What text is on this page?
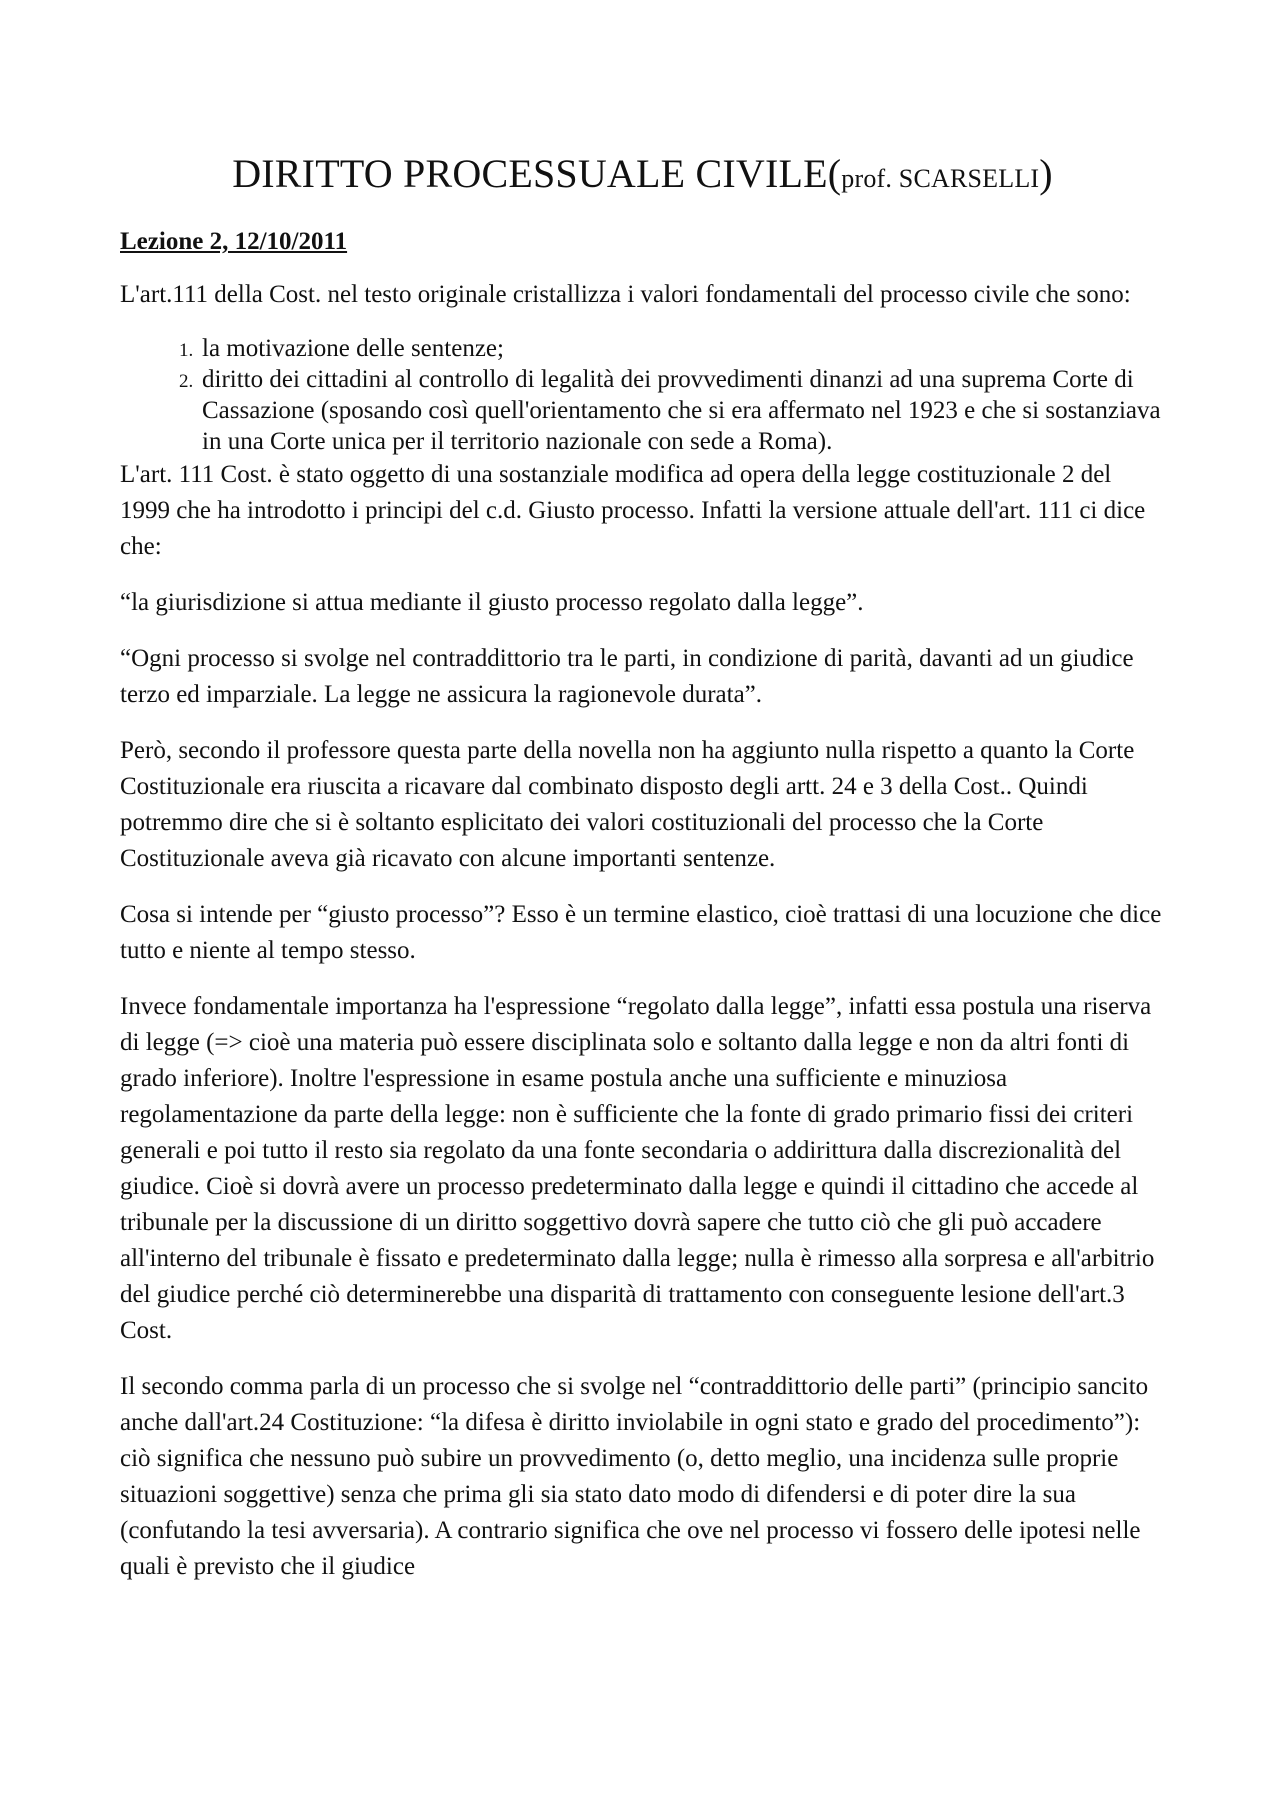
DIRITTO PROCESSUALE CIVILE(prof. SCARSELLI)
Lezione 2, 12/10/2011

L'art.111 della Cost. nel testo originale cristallizza i valori fondamentali del processo civile che sono:

1. la motivazione delle sentenze;
2. diritto dei cittadini al controllo di legalità dei provvedimenti dinanzi ad una suprema Corte di Cassazione (sposando così quell'orientamento che si era affermato nel 1923 e che si sostanziava in una Corte unica per il territorio nazionale con sede a Roma).

L'art. 111 Cost. è stato oggetto di una sostanziale modifica ad opera della legge costituzionale 2 del 1999 che ha introdotto i principi del c.d. Giusto processo. Infatti la versione attuale dell'art. 111 ci dice che:

“la giurisdizione si attua mediante il giusto processo regolato dalla legge”.

“Ogni processo si svolge nel contraddittorio tra le parti, in condizione di parità, davanti ad un giudice terzo ed imparziale. La legge ne assicura la ragionevole durata”.

Però, secondo il professore questa parte della novella non ha aggiunto nulla rispetto a quanto la Corte Costituzionale era riuscita a ricavare dal combinato disposto degli artt. 24 e 3 della Cost.. Quindi potremmo dire che si è soltanto esplicitato dei valori costituzionali del processo che la Corte Costituzionale aveva già ricavato con alcune importanti sentenze.

Cosa si intende per “giusto processo”? Esso è un termine elastico, cioè trattasi di una locuzione che dice tutto e niente al tempo stesso.

Invece fondamentale importanza ha l'espressione “regolato dalla legge”, infatti essa postula una riserva di legge (=> cioè una materia può essere disciplinata solo e soltanto dalla legge e non da altri fonti di grado inferiore). Inoltre l'espressione in esame postula anche una sufficiente e minuziosa regolamentazione da parte della legge: non è sufficiente che la fonte di grado primario fissi dei criteri generali e poi tutto il resto sia regolato da una fonte secondaria o addirittura dalla discrezionalità del giudice. Cioè si dovrà avere un processo predeterminato dalla legge e quindi il cittadino che accede al tribunale per la discussione di un diritto soggettivo dovrà sapere che tutto ciò che gli può accadere all'interno del tribunale è fissato e predeterminato dalla legge; nulla è rimesso alla sorpresa e all'arbitrio del giudice perché ciò determinerebbe una disparità di trattamento con conseguente lesione dell'art.3 Cost.

Il secondo comma parla di un processo che si svolge nel “contraddittorio delle parti” (principio sancito anche dall'art.24 Costituzione: “la difesa è diritto inviolabile in ogni stato e grado del procedimento”): ciò significa che nessuno può subire un provvedimento (o, detto meglio, una incidenza sulle proprie situazioni soggettive) senza che prima gli sia stato dato modo di difendersi e di poter dire la sua (confutando la tesi avversaria). A contrario significa che ove nel processo vi fossero delle ipotesi nelle quali è previsto che il giudice
